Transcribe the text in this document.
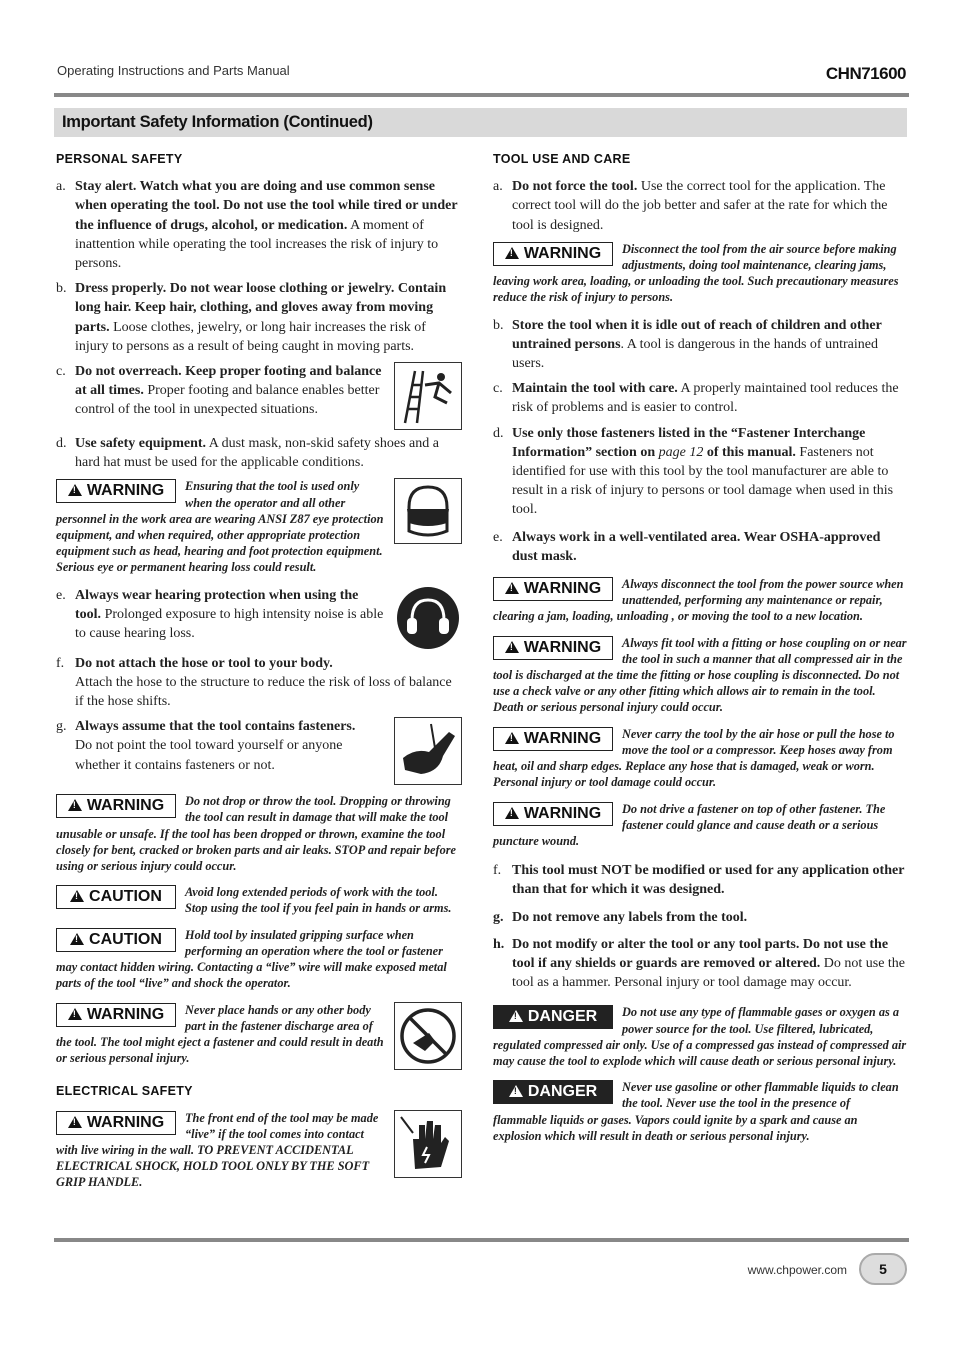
Operating Instructions and Parts Manual	CHN71600
Important Safety Information (Continued)
PERSONAL SAFETY
a. Stay alert. Watch what you are doing and use common sense when operating the tool. Do not use the tool while tired or under the influence of drugs, alcohol, or medication. A moment of inattention while operating the tool increases the risk of injury to persons.
b. Dress properly. Do not wear loose clothing or jewelry. Contain long hair. Keep hair, clothing, and gloves away from moving parts. Loose clothes, jewelry, or long hair increases the risk of injury to persons as a result of being caught in moving parts.
c. Do not overreach. Keep proper footing and balance at all times. Proper footing and balance enables better control of the tool in unexpected situations.
d. Use safety equipment. A dust mask, non-skid safety shoes and a hard hat must be used for the applicable conditions.
!WARNING	Ensuring that the tool is used only when the operator and all other personnel in the work area are wearing ANSI Z87 eye protection equipment, and when required, other appropriate protection equipment such as head, hearing and foot protection equipment. Serious eye or permanent hearing loss could result.
e. Always wear hearing protection when using the tool. Prolonged exposure to high intensity noise is able to cause hearing loss.
f. Do not attach the hose or tool to your body.
Attach the hose to the structure to reduce the risk of loss of balance if the hose shifts.
g. Always assume that the tool contains fasteners.
Do not point the tool toward yourself or anyone whether it contains fasteners or not.
!WARNING	Do not drop or throw the tool. Dropping or throwing the tool can result in damage that will make the tool unusable or unsafe. If the tool has been dropped or thrown, examine the tool closely for bent, cracked or broken parts and air leaks. STOP and repair before using or serious injury could occur.
!CAUTION	Avoid long extended periods of work with the tool. Stop using the tool if you feel pain in hands or arms.
!CAUTION	Hold tool by insulated gripping surface when performing an operation where the tool or fastener may contact hidden wiring. Contacting a “live” wire will make exposed metal parts of the tool “live” and shock the operator.
!WARNING	Never place hands or any other body part in the fastener discharge area of the tool. The tool might eject a fastener and could result in death or serious personal injury.
ELECTRICAL SAFETY
!WARNING	The front end of the tool may be made “live” if the tool comes into contact with live wiring in the wall. TO PREVENT ACCIDENTAL ELECTRICAL SHOCK, HOLD TOOL ONLY BY THE SOFT GRIP HANDLE.
TOOL USE AND CARE
a. Do not force the tool. Use the correct tool for the application. The correct tool will do the job better and safer at the rate for which the tool is designed.
!WARNING	Disconnect the tool from the air source before making adjustments, doing tool maintenance, clearing jams, leaving work area, loading, or unloading the tool. Such precautionary measures reduce the risk of injury to persons.
b. Store the tool when it is idle out of reach of children and other untrained persons. A tool is dangerous in the hands of untrained users.
c. Maintain the tool with care. A properly maintained tool reduces the risk of problems and is easier to control.
d. Use only those fasteners listed in the “Fastener Interchange Information” section on page 12 of this manual. Fasteners not identified for use with this tool by the tool manufacturer are able to result in a risk of injury to persons or tool damage when used in this tool.
e. Always work in a well-ventilated area. Wear OSHA-approved dust mask.
!WARNING	Always disconnect the tool from the power source when unattended, performing any maintenance or repair, clearing a jam, loading, unloading , or moving the tool to a new location.
!WARNING	Always fit tool with a fitting or hose coupling on or near the tool in such a manner that all compressed air in the tool is discharged at the time the fitting or hose coupling is disconnected. Do not use a check valve or any other fitting which allows air to remain in the tool. Death or serious personal injury could occur.
!WARNING	Never carry the tool by the air hose or pull the hose to move the tool or a compressor. Keep hoses away from heat, oil and sharp edges. Replace any hose that is damaged, weak or worn. Personal injury or tool damage could occur.
!WARNING	Do not drive a fastener on top of other fastener. The fastener could glance and cause death or a serious puncture wound.
f. This tool must NOT be modified or used for any application other than that for which it was designed.
g. Do not remove any labels from the tool.
h. Do not modify or alter the tool or any tool parts. Do not use the tool if any shields or guards are removed or altered. Do not use the tool as a hammer. Personal injury or tool damage may occur.
!DANGER	Do not use any type of flammable gases or oxygen as a power source for the tool. Use filtered, lubricated, regulated compressed air only. Use of a compressed gas instead of compressed air may cause the tool to explode which will cause death or serious personal injury.
!DANGER	Never use gasoline or other flammable liquids to clean the tool. Never use the tool in the presence of flammable liquids or gases. Vapors could ignite by a spark and cause an explosion which will result in death or serious personal injury.
www.chpower.com	5
